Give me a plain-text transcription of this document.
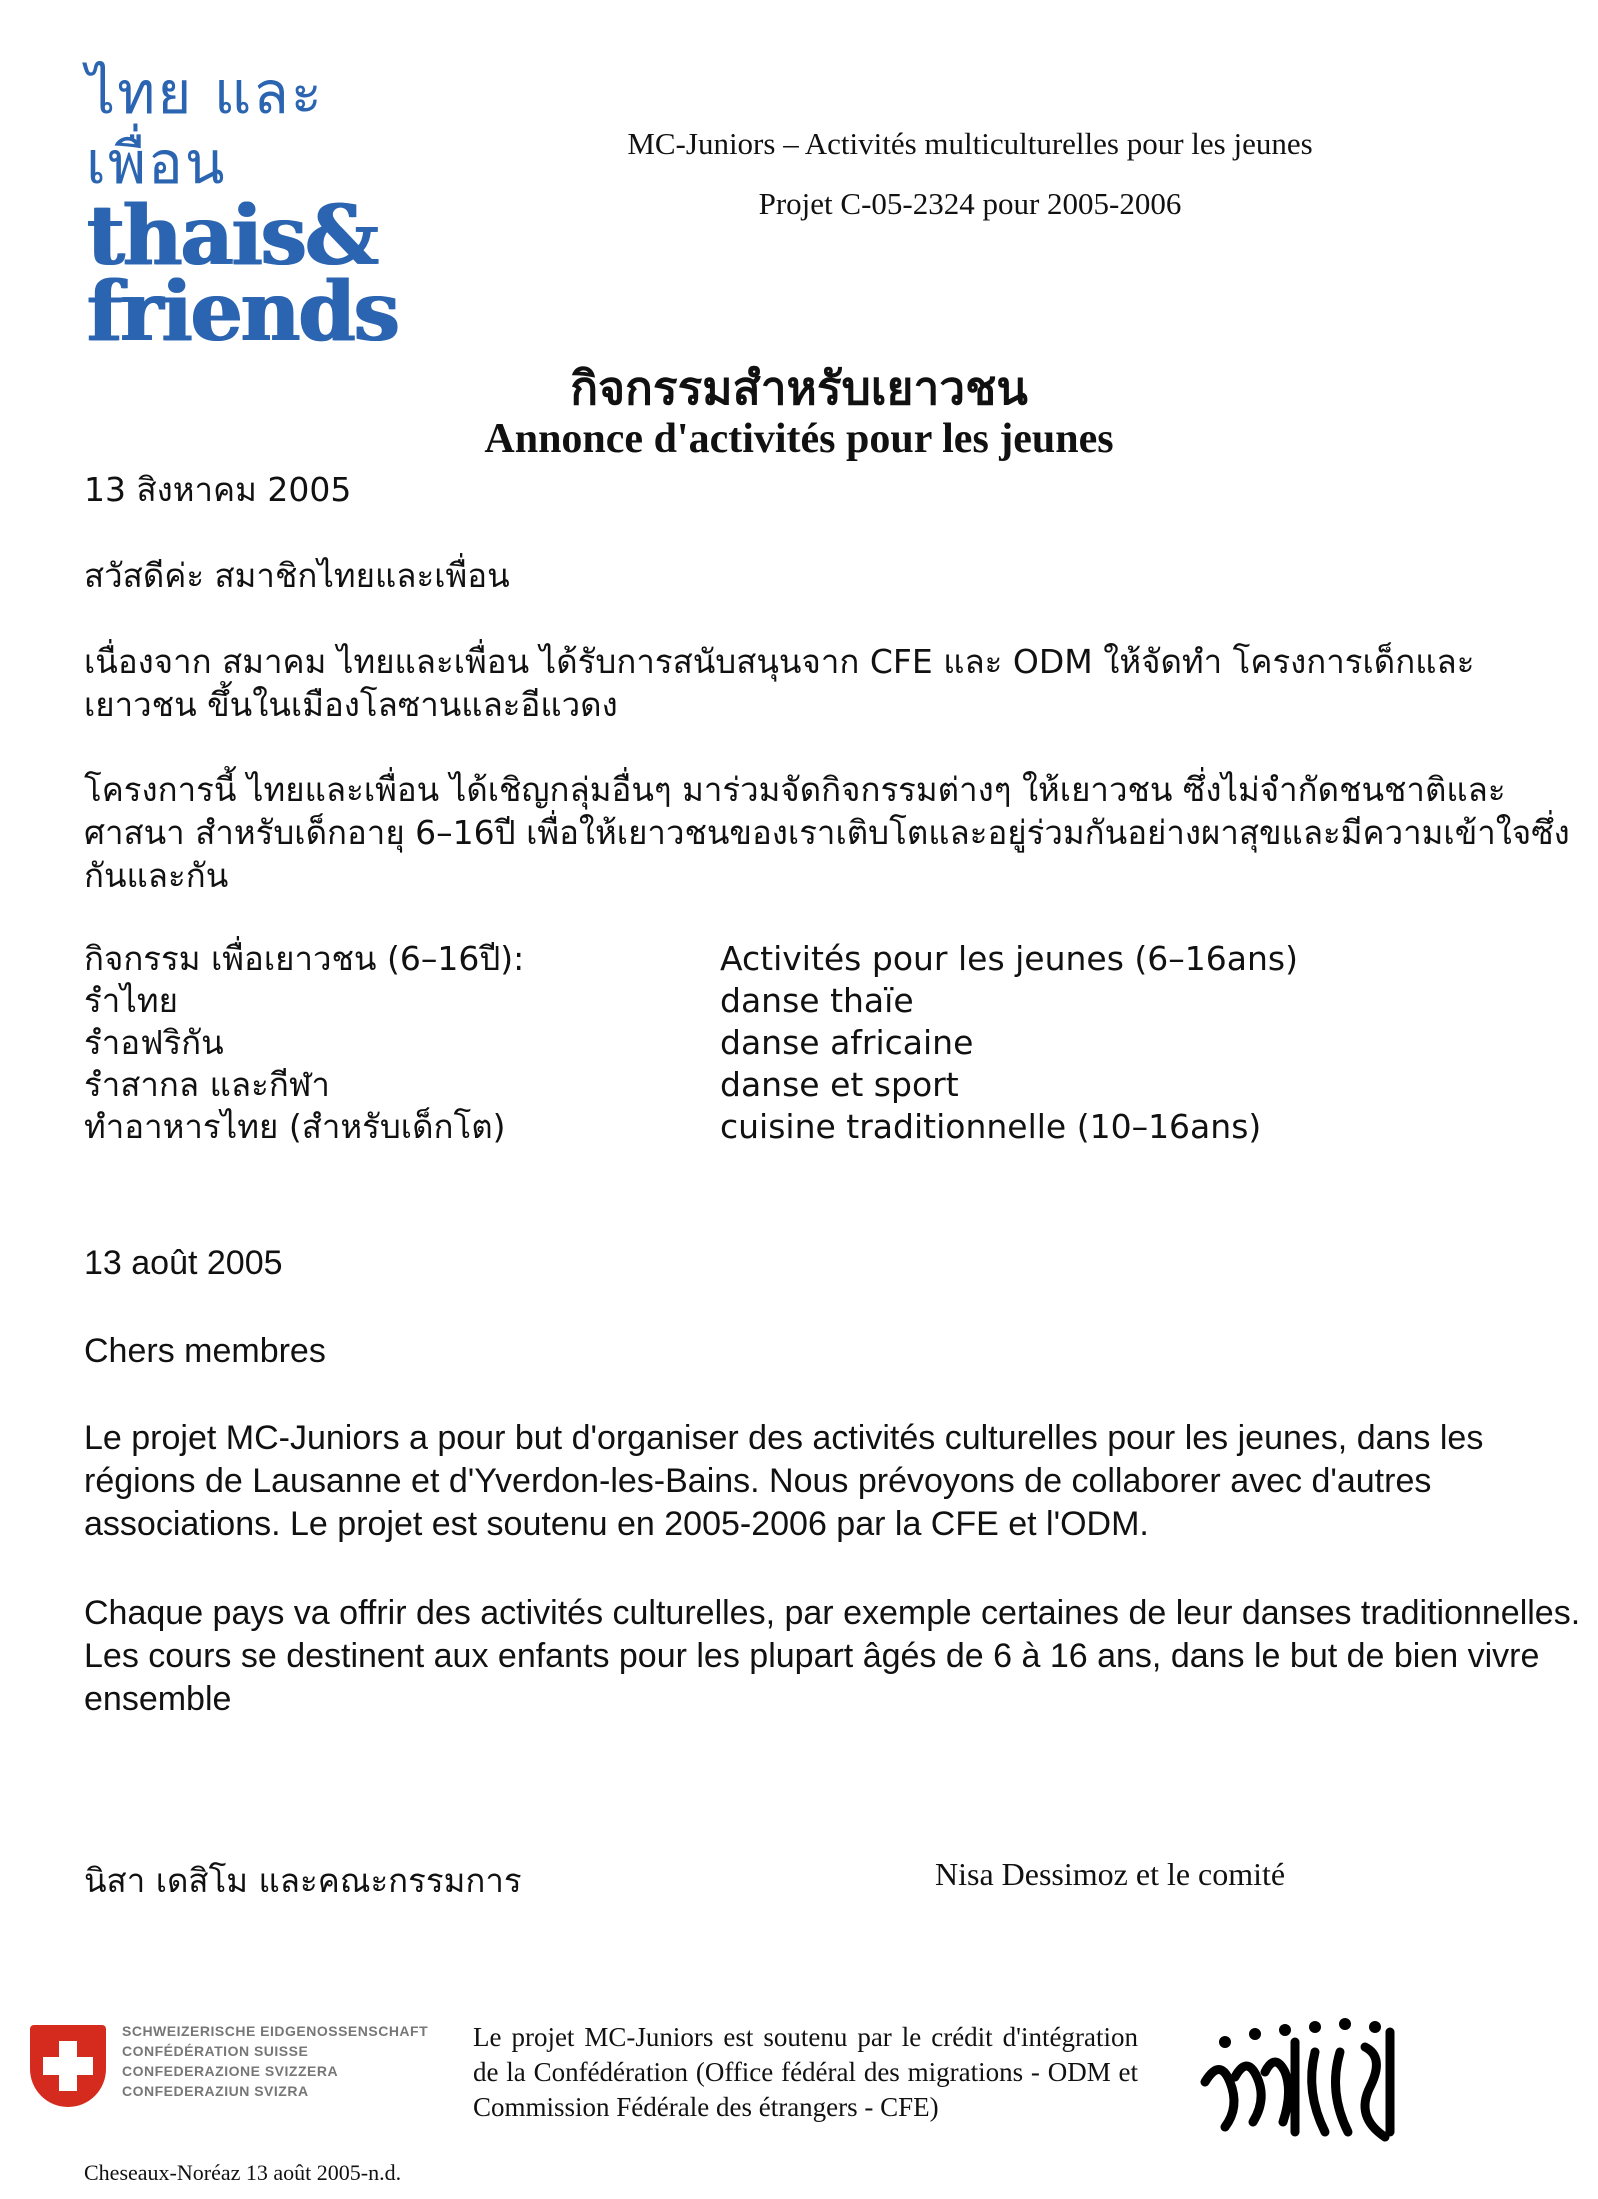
ไทย และ เพื่อน
thais&
friends
MC-Juniors – Activités multiculturelles pour les jeunes
Projet C-05-2324 pour 2005-2006
กิจกรรมสำหรับเยาวชน
Annonce d'activités pour les jeunes
13 สิงหาคม 2005
สวัสดีค่ะ สมาชิกไทยและเพื่อน
เนื่องจาก สมาคม ไทยและเพื่อน ได้รับการสนับสนุนจาก CFE และ ODM ให้จัดทำ โครงการเด็กและเยาวชน ขึ้นในเมืองโลซานและอีแวดง
โครงการนี้ ไทยและเพื่อน ได้เชิญกลุ่มอื่นๆ มาร่วมจัดกิจกรรมต่างๆ ให้เยาวชน ซึ่งไม่จำกัดชนชาติและศาสนา สำหรับเด็กอายุ 6–16ปี เพื่อให้เยาวชนของเราเติบโตและอยู่ร่วมกันอย่างผาสุขและมีความเข้าใจซึ่งกันและกัน
กิจกรรม เพื่อเยาวชน (6–16ปี):	Activités pour les jeunes (6–16ans)
รำไทย	danse thaïe
รำอฟริกัน	danse africaine
รำสากล และกีฬา	danse et sport
ทำอาหารไทย (สำหรับเด็กโต)	cuisine traditionnelle (10–16ans)
13 août 2005
Chers membres
Le projet MC-Juniors a pour but d'organiser des activités culturelles pour les jeunes, dans les régions de Lausanne et d'Yverdon-les-Bains. Nous prévoyons de collaborer avec d'autres associations. Le projet est soutenu en 2005-2006 par la CFE et l'ODM.
Chaque pays va offrir des activités culturelles, par exemple certaines de leur danses traditionnelles. Les cours se destinent aux enfants pour les plupart âgés de 6 à 16 ans, dans le but de bien vivre ensemble
นิสา เดสิโม และคณะกรรมการ	Nisa Dessimoz et le comité
SCHWEIZERISCHE EIDGENOSSENSCHAFT
CONFÉDÉRATION SUISSE
CONFEDERAZIONE SVIZZERA
CONFEDERAZIUN SVIZRA
Le projet MC-Juniors est soutenu par le crédit d'intégration de la Confédération (Office fédéral des migrations - ODM et Commission Fédérale des étrangers - CFE)
Cheseaux-Noréaz 13 août 2005-n.d.
